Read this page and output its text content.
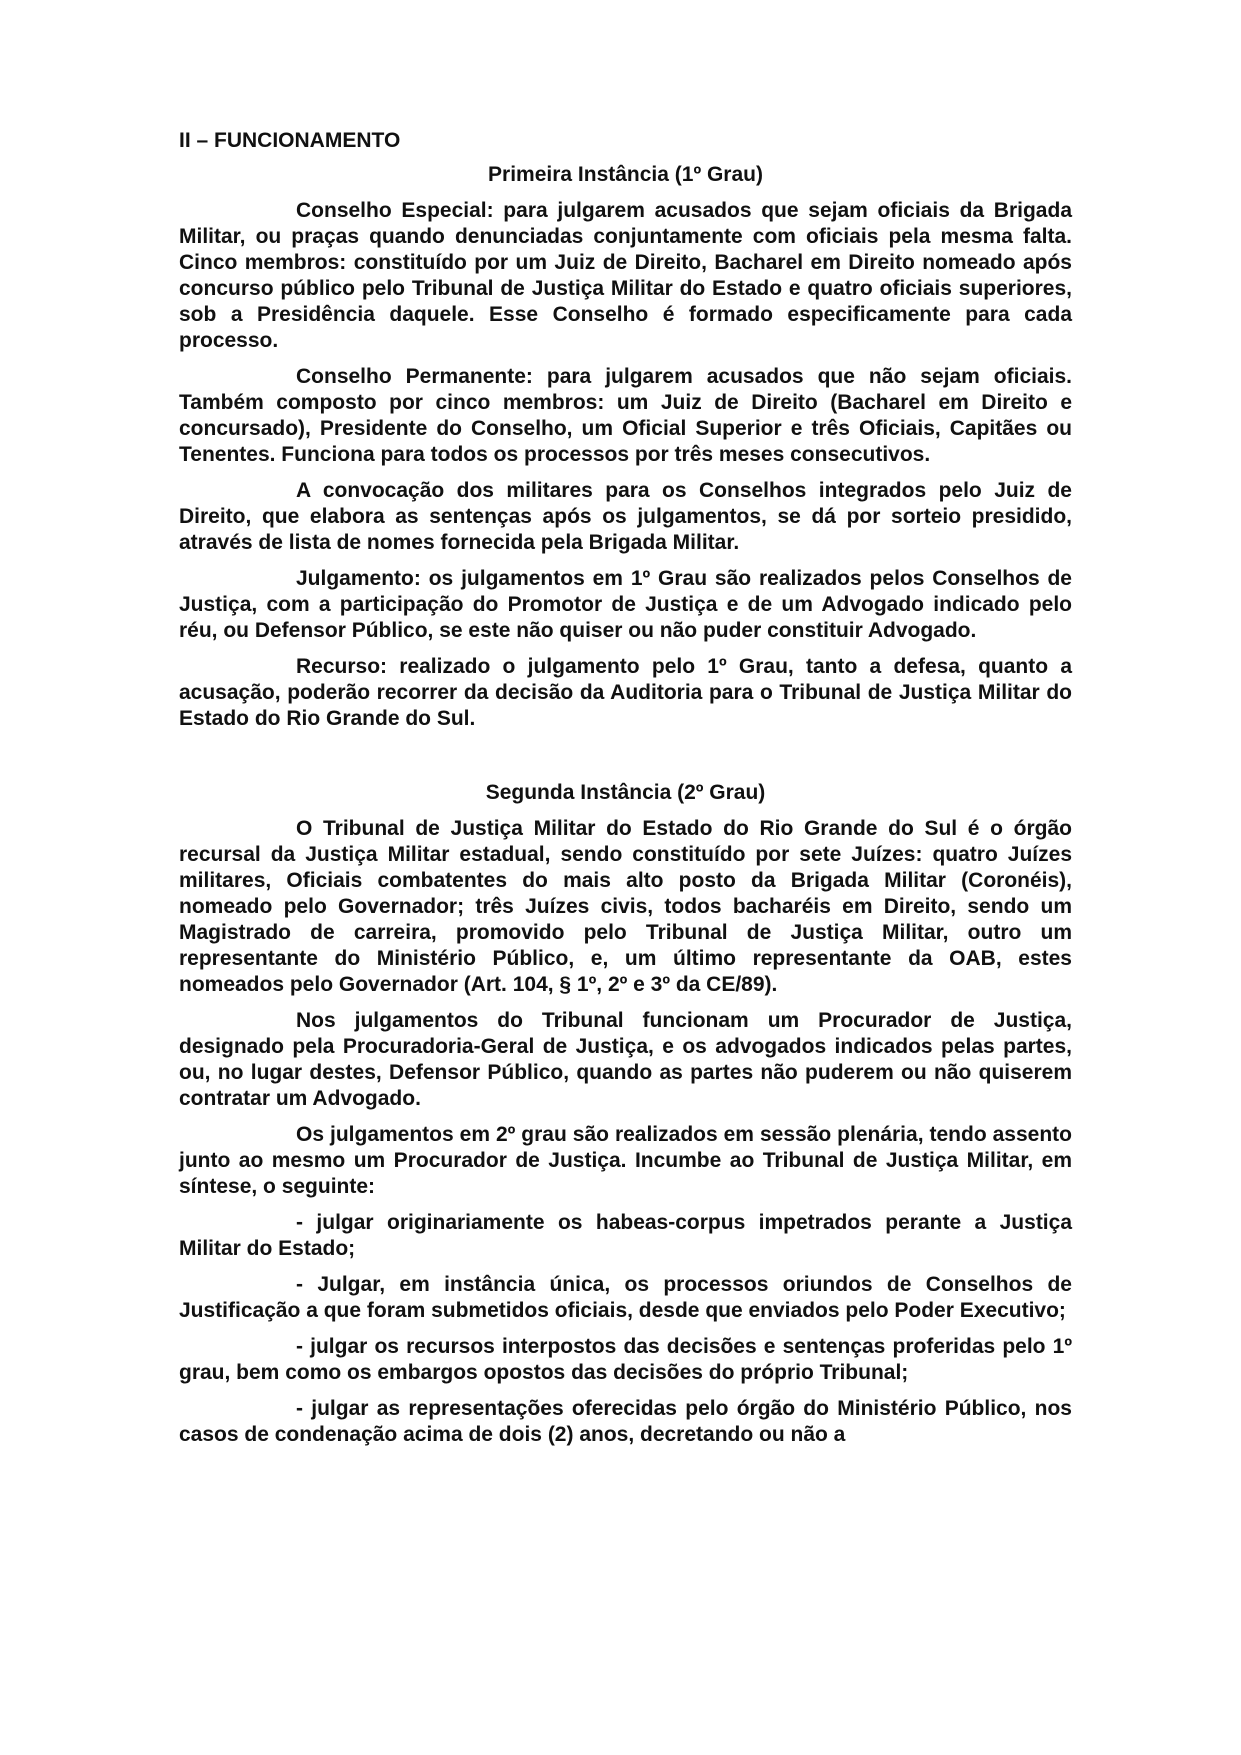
II – FUNCIONAMENTO
Primeira Instância (1º Grau)

Conselho Especial: para julgarem acusados que sejam oficiais da Brigada Militar, ou praças quando denunciadas conjuntamente com oficiais pela mesma falta. Cinco membros: constituído por um Juiz de Direito, Bacharel em Direito nomeado após concurso público pelo Tribunal de Justiça Militar do Estado e quatro oficiais superiores, sob a Presidência daquele. Esse Conselho é formado especificamente para cada processo.

Conselho Permanente: para julgarem acusados que não sejam oficiais. Também composto por cinco membros: um Juiz de Direito (Bacharel em Direito e concursado), Presidente do Conselho, um Oficial Superior e três Oficiais, Capitães ou Tenentes. Funciona para todos os processos por três meses consecutivos.

A convocação dos militares para os Conselhos integrados pelo Juiz de Direito, que elabora as sentenças após os julgamentos, se dá por sorteio presidido, através de lista de nomes fornecida pela Brigada Militar.

Julgamento: os julgamentos em 1º Grau são realizados pelos Conselhos de Justiça, com a participação do Promotor de Justiça e de um Advogado indicado pelo réu, ou Defensor Público, se este não quiser ou não puder constituir Advogado.

Recurso: realizado o julgamento pelo 1º Grau, tanto a defesa, quanto a acusação, poderão recorrer da decisão da Auditoria para o Tribunal de Justiça Militar do Estado do Rio Grande do Sul.

Segunda Instância (2º Grau)

O Tribunal de Justiça Militar do Estado do Rio Grande do Sul é o órgão recursal da Justiça Militar estadual, sendo constituído por sete Juízes: quatro Juízes militares, Oficiais combatentes do mais alto posto da Brigada Militar (Coronéis), nomeado pelo Governador; três Juízes civis, todos bacharéis em Direito, sendo um Magistrado de carreira, promovido pelo Tribunal de Justiça Militar, outro um representante do Ministério Público, e, um último representante da OAB, estes nomeados pelo Governador (Art. 104, § 1º, 2º e 3º da CE/89).

Nos julgamentos do Tribunal funcionam um Procurador de Justiça, designado pela Procuradoria-Geral de Justiça, e os advogados indicados pelas partes, ou, no lugar destes, Defensor Público, quando as partes não puderem ou não quiserem contratar um Advogado.

Os julgamentos em 2º grau são realizados em sessão plenária, tendo assento junto ao mesmo um Procurador de Justiça. Incumbe ao Tribunal de Justiça Militar, em síntese, o seguinte:

- julgar originariamente os habeas-corpus impetrados perante a Justiça Militar do Estado;

- Julgar, em instância única, os processos oriundos de Conselhos de Justificação a que foram submetidos oficiais, desde que enviados pelo Poder Executivo;

- julgar os recursos interpostos das decisões e sentenças proferidas pelo 1º grau, bem como os embargos opostos das decisões do próprio Tribunal;

- julgar as representações oferecidas pelo órgão do Ministério Público, nos casos de condenação acima de dois (2) anos, decretando ou não a
